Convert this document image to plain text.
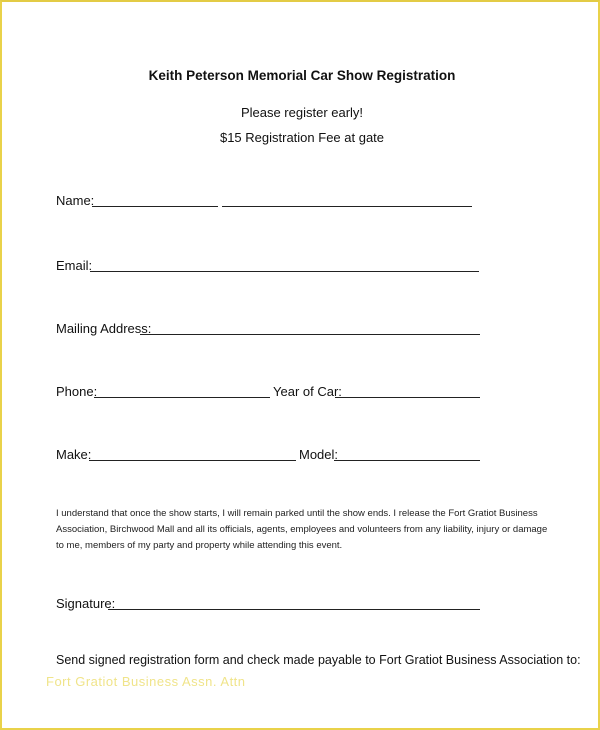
Keith Peterson Memorial Car Show Registration
Please register early!
$15 Registration Fee at gate
Name:
Email:
Mailing Address:
Phone:	Year of Car:
Make:	Model:
I understand that once the show starts, I will remain parked until the show ends. I release the Fort Gratiot Business Association, Birchwood Mall and all its officials, agents, employees and volunteers from any liability, injury or damage to me, members of my party and property while attending this event.
Signature:
Send signed registration form and check made payable to Fort Gratiot Business Association to:
Fort Gratiot Business Assn. Attn
